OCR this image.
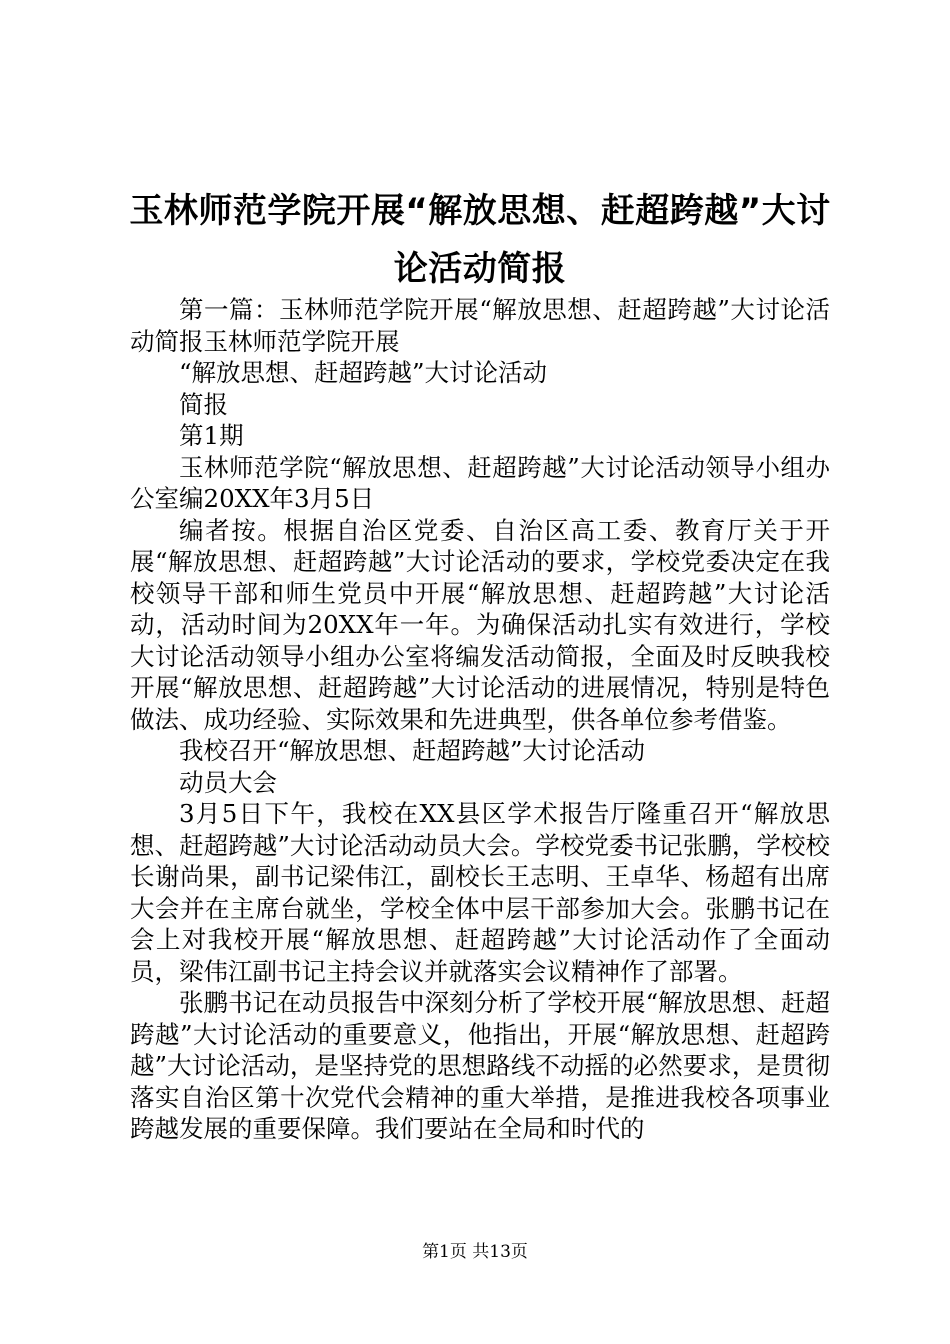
玉林师范学院开展“解放思想、赶超跨越”大讨论活动简报

第一篇：玉林师范学院开展“解放思想、赶超跨越”大讨论活动简报玉林师范学院开展

“解放思想、赶超跨越”大讨论活动

简报

第1期

玉林师范学院“解放思想、赶超跨越”大讨论活动领导小组办公室编20XX年3月5日

编者按。根据自治区党委、自治区高工委、教育厅关于开展“解放思想、赶超跨越”大讨论活动的要求，学校党委决定在我校领导干部和师生党员中开展“解放思想、赶超跨越”大讨论活动，活动时间为20XX年一年。为确保活动扎实有效进行，学校大讨论活动领导小组办公室将编发活动简报，全面及时反映我校开展“解放思想、赶超跨越”大讨论活动的进展情况，特别是特色做法、成功经验、实际效果和先进典型，供各单位参考借鉴。

我校召开“解放思想、赶超跨越”大讨论活动

动员大会

3月5日下午，我校在XX县区学术报告厅隆重召开“解放思想、赶超跨越”大讨论活动动员大会。学校党委书记张鹏，学校校长谢尚果，副书记梁伟江，副校长王志明、王卓华、杨超有出席大会并在主席台就坐，学校全体中层干部参加大会。张鹏书记在会上对我校开展“解放思想、赶超跨越”大讨论活动作了全面动员，梁伟江副书记主持会议并就落实会议精神作了部署。

张鹏书记在动员报告中深刻分析了学校开展“解放思想、赶超跨越”大讨论活动的重要意义，他指出，开展“解放思想、赶超跨越”大讨论活动，是坚持党的思想路线不动摇的必然要求，是贯彻落实自治区第十次党代会精神的重大举措，是推进我校各项事业跨越发展的重要保障。我们要站在全局和时代的

第1页 共13页
